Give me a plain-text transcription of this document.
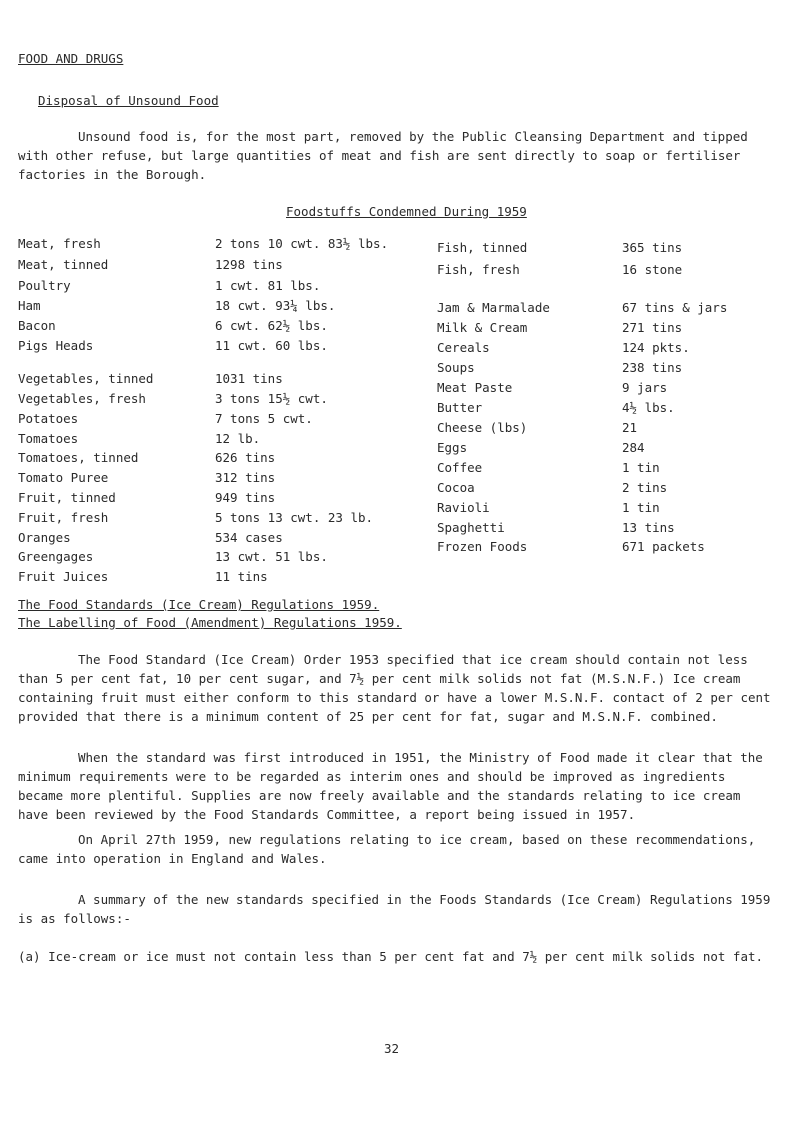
FOOD AND DRUGS
Disposal of Unsound Food
Unsound food is, for the most part, removed by the Public Cleansing Department and tipped with other refuse, but large quantities of meat and fish are sent directly to soap or fertiliser factories in the Borough.
Foodstuffs Condemned During 1959
Meat, fresh	2 tons 10 cwt. 83½ lbs.
Meat, tinned	1298 tins
Poultry	1 cwt. 81 lbs.
Ham	18 cwt. 93¼ lbs.
Bacon	6 cwt. 62½ lbs.
Pigs Heads	11 cwt. 60 lbs.
Vegetables, tinned	1031 tins
Vegetables, fresh	3 tons 15½ cwt.
Potatoes	7 tons 5 cwt.
Tomatoes	12 lb.
Tomatoes, tinned	626 tins
Tomato Puree	312 tins
Fruit, tinned	949 tins
Fruit, fresh	5 tons 13 cwt. 23 lb.
Oranges	534 cases
Greengages	13 cwt. 51 lbs.
Fruit Juices	11 tins
Fish, tinned	365 tins
Fish, fresh	16 stone
Jam & Marmalade	67 tins & jars
Milk & Cream	271 tins
Cereals	124 pkts.
Soups	238 tins
Meat Paste	9 jars
Butter	4½ lbs.
Cheese (lbs)	21
Eggs	284
Coffee	1 tin
Cocoa	2 tins
Ravioli	1 tin
Spaghetti	13 tins
Frozen Foods	671 packets
The Food Standards (Ice Cream) Regulations 1959.
The Labelling of Food (Amendment) Regulations 1959.
The Food Standard (Ice Cream) Order 1953 specified that ice cream should contain not less than 5 per cent fat, 10 per cent sugar, and 7½ per cent milk solids not fat (M.S.N.F.) Ice cream containing fruit must either conform to this standard or have a lower M.S.N.F. contact of 2 per cent provided that there is a minimum content of 25 per cent for fat, sugar and M.S.N.F. combined.
When the standard was first introduced in 1951, the Ministry of Food made it clear that the minimum requirements were to be regarded as interim ones and should be improved as ingredients became more plentiful. Supplies are now freely available and the standards relating to ice cream have been reviewed by the Food Standards Committee, a report being issued in 1957.
On April 27th 1959, new regulations relating to ice cream, based on these recommendations, came into operation in England and Wales.
A summary of the new standards specified in the Foods Standards (Ice Cream) Regulations 1959 is as follows:-
(a) Ice-cream or ice must not contain less than 5 per cent fat and 7½ per cent milk solids not fat.
32
